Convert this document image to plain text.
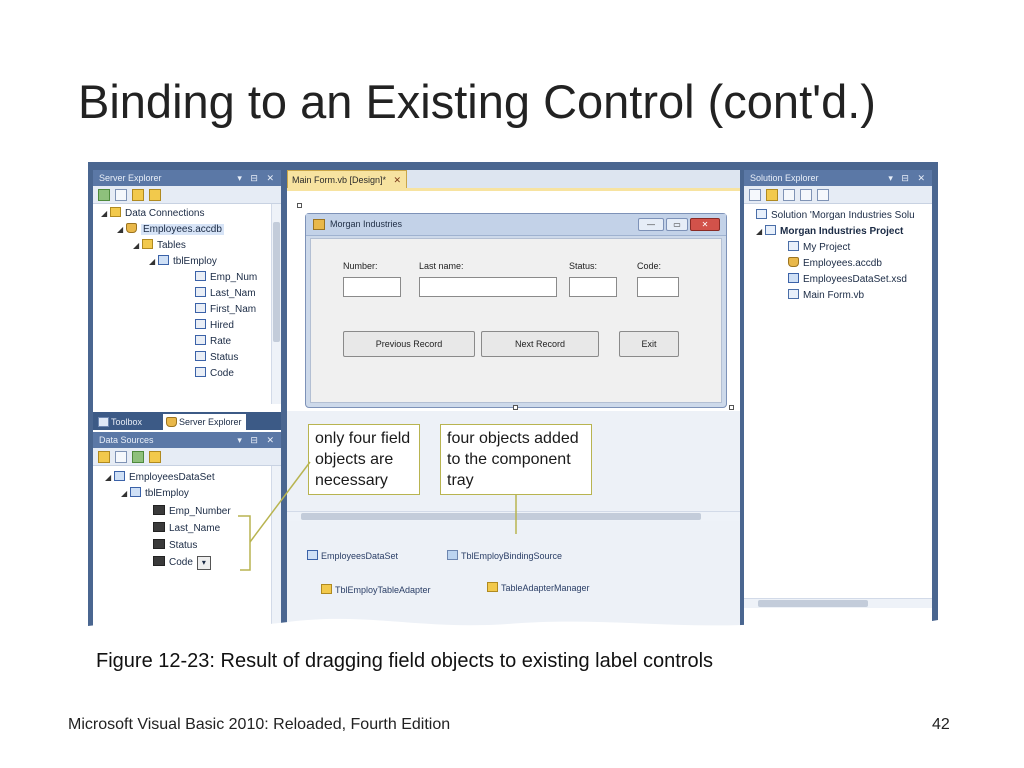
Binding to an Existing Control (cont'd.)
Server Explorer	▾ ⊟ ✕
◢ Data Connections
◢ Employees.accdb
◢ Tables
◢ tblEmploy
Emp_Num
Last_Nam
First_Nam
Hired
Rate
Status
Code
Toolbox	Server Explorer
Data Sources	▾ ⊟ ✕
◢ EmployeesDataSet
◢ tblEmploy
Emp_Number
Last_Name
Status
Code ▾
Main Form.vb [Design]* ✕
Morgan Industries	—	▭	✕
Number:	Last name:	Status:	Code:
Previous Record	Next Record	Exit
EmployeesDataSet	TblEmployBindingSource
TblEmployTableAdapter	TableAdapterManager
Solution Explorer	▾ ⊟ ✕
Solution 'Morgan Industries Solu
◢ Morgan Industries Project
My Project
Employees.accdb
EmployeesDataSet.xsd
Main Form.vb
only four field
objects are
necessary
four objects added
to the component
tray
Figure 12-23: Result of dragging field objects to existing label controls
Microsoft Visual Basic 2010: Reloaded, Fourth Edition	42
